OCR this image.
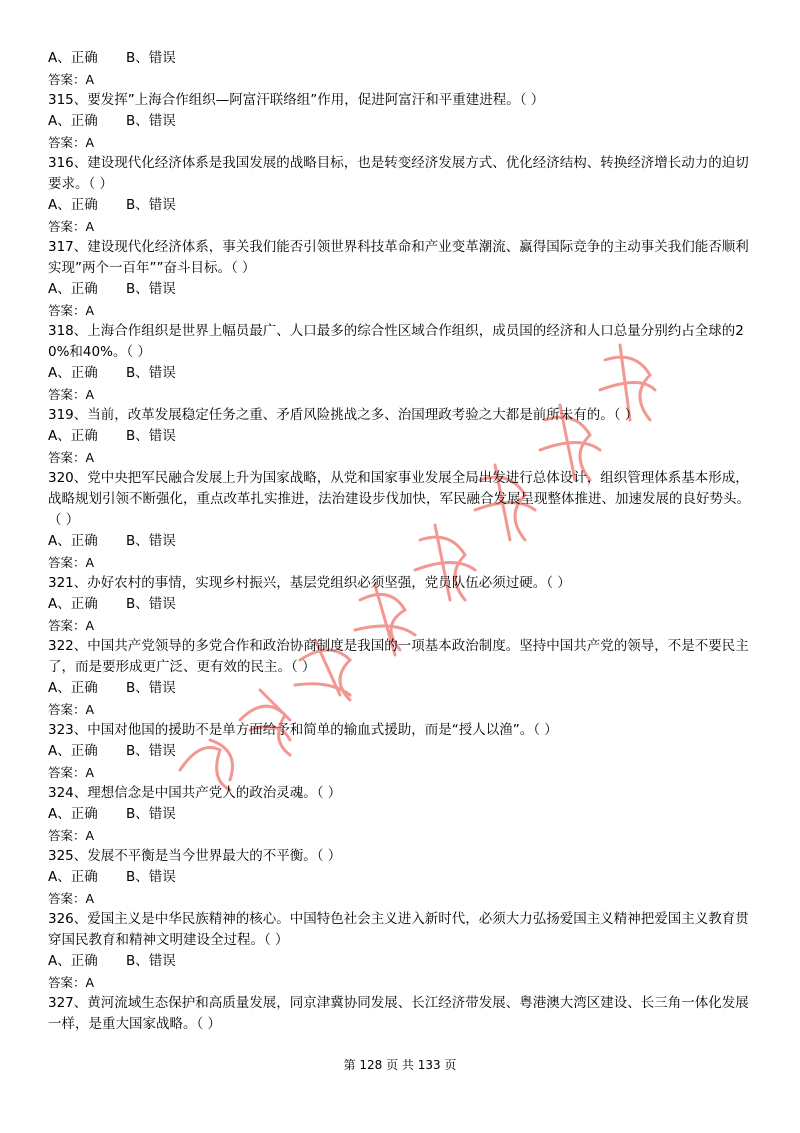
A、正确 B、错误
答案：A
315、要发挥”上海合作组织—阿富汗联络组”作用，促进阿富汗和平重建进程。（ ）
A、正确 B、错误
答案：A
316、建设现代化经济体系是我国发展的战略目标，也是转变经济发展方式、优化经济结构、转换经济增长动力的迫切要求。（ ）
A、正确 B、错误
答案：A
317、建设现代化经济体系，事关我们能否引领世界科技革命和产业变革潮流、赢得国际竞争的主动事关我们能否顺利实现”两个一百年””奋斗目标。（ ）
A、正确 B、错误
答案：A
318、上海合作组织是世界上幅员最广、人口最多的综合性区域合作组织，成员国的经济和人口总量分别约占全球的20%和40%。（ ）
A、正确 B、错误
答案：A
319、当前，改革发展稳定任务之重、矛盾风险挑战之多、治国理政考验之大都是前所未有的。（ ）
A、正确 B、错误
答案：A
320、党中央把军民融合发展上升为国家战略，从党和国家事业发展全局出发进行总体设计，组织管理体系基本形成，战略规划引领不断强化，重点改革扎实推进，法治建设步伐加快，军民融合发展呈现整体推进、加速发展的良好势头。（ ）
A、正确 B、错误
答案：A
321、办好农村的事情，实现乡村振兴，基层党组织必须坚强，党员队伍必须过硬。（ ）
A、正确 B、错误
答案：A
322、中国共产党领导的多党合作和政治协商制度是我国的一项基本政治制度。坚持中国共产党的领导，不是不要民主了，而是要形成更广泛、更有效的民主。（ ）
A、正确 B、错误
答案：A
323、中国对他国的援助不是单方面给予和简单的输血式援助，而是“授人以渔”。（ ）
A、正确 B、错误
答案：A
324、理想信念是中国共产党人的政治灵魂。（ ）
A、正确 B、错误
答案：A
325、发展不平衡是当今世界最大的不平衡。（ ）
A、正确 B、错误
答案：A
326、爱国主义是中华民族精神的核心。中国特色社会主义进入新时代，必须大力弘扬爱国主义精神把爱国主义教育贯穿国民教育和精神文明建设全过程。（ ）
A、正确 B、错误
答案：A
327、黄河流域生态保护和高质量发展，同京津冀协同发展、长江经济带发展、粤港澳大湾区建设、长三角一体化发展一样，是重大国家战略。（ ）
第 128 页 共 133 页
